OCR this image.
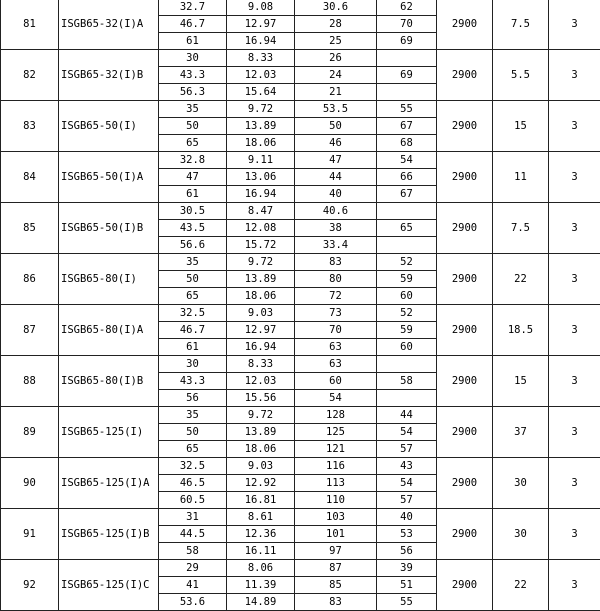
81	ISGB65-32(I)A	32.7	9.08	30.6	62	2900	7.5	3
		46.7	12.97	28	70			
		61	16.94	25	69			
82	ISGB65-32(I)B	30	8.33	26		2900	5.5	3
		43.3	12.03	24	69			
		56.3	15.64	21				
83	ISGB65-50(I)	35	9.72	53.5	55	2900	15	3
		50	13.89	50	67			
		65	18.06	46	68			
84	ISGB65-50(I)A	32.8	9.11	47	54	2900	11	3
		47	13.06	44	66			
		61	16.94	40	67			
85	ISGB65-50(I)B	30.5	8.47	40.6		2900	7.5	3
		43.5	12.08	38	65			
		56.6	15.72	33.4				
86	ISGB65-80(I)	35	9.72	83	52	2900	22	3
		50	13.89	80	59			
		65	18.06	72	60			
87	ISGB65-80(I)A	32.5	9.03	73	52	2900	18.5	3
		46.7	12.97	70	59			
		61	16.94	63	60			
88	ISGB65-80(I)B	30	8.33	63		2900	15	3
		43.3	12.03	60	58			
		56	15.56	54				
89	ISGB65-125(I)	35	9.72	128	44	2900	37	3
		50	13.89	125	54			
		65	18.06	121	57			
90	ISGB65-125(I)A	32.5	9.03	116	43	2900	30	3
		46.5	12.92	113	54			
		60.5	16.81	110	57			
91	ISGB65-125(I)B	31	8.61	103	40	2900	30	3
		44.5	12.36	101	53			
		58	16.11	97	56			
92	ISGB65-125(I)C	29	8.06	87	39	2900	22	3
		41	11.39	85	51			
		53.6	14.89	83	55			
